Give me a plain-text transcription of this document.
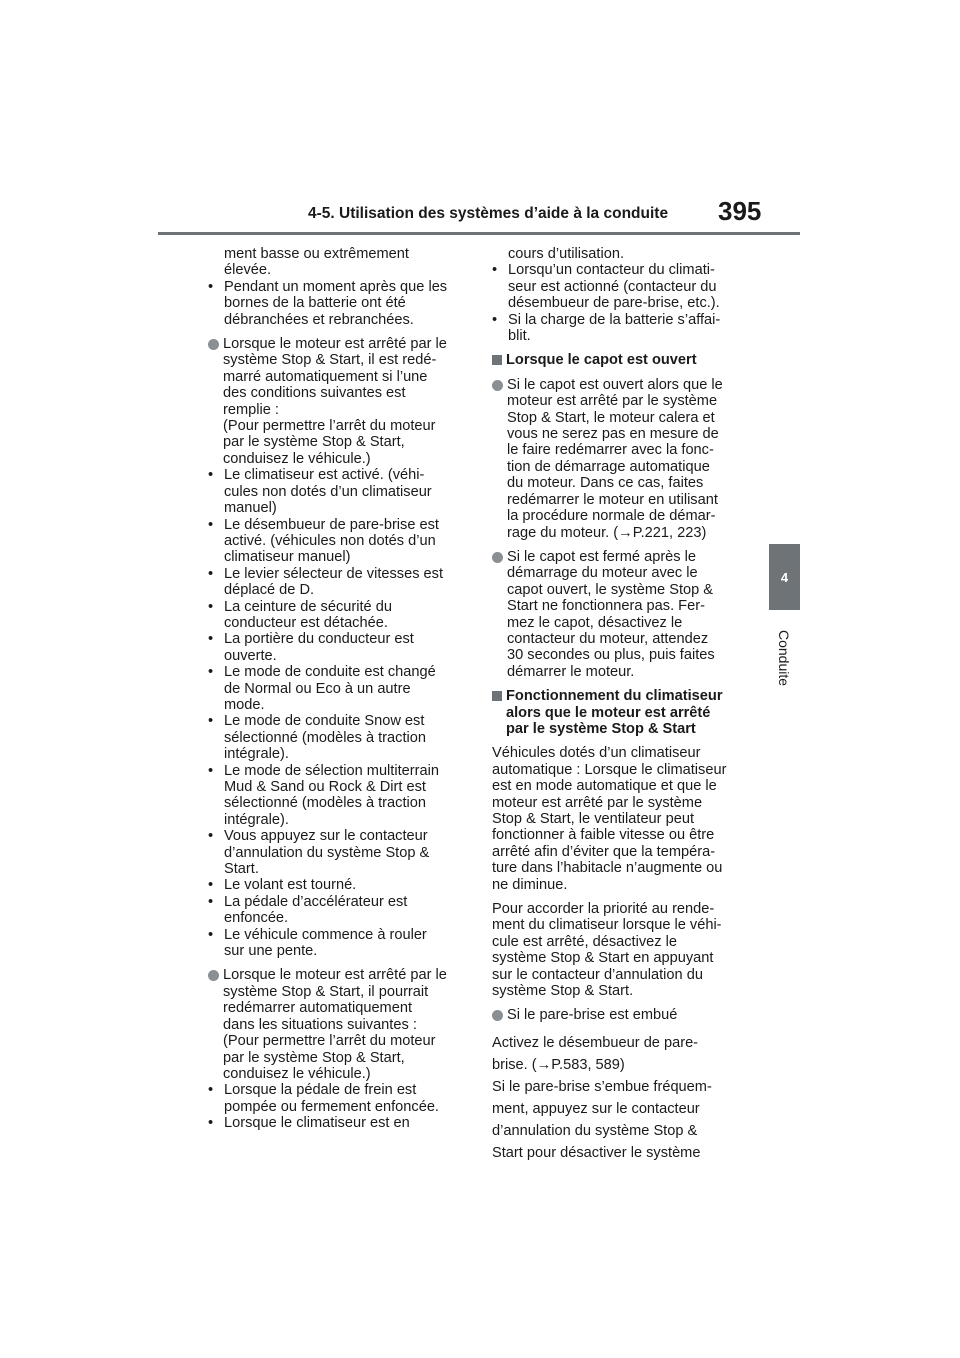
4-5. Utilisation des systèmes d’aide à la conduite 395
4
Conduite
ment basse ou extrêmement
élevée.
• Pendant un moment après que les
bornes de la batterie ont été
débranchées et rebranchées.
Lorsque le moteur est arrêté par le
système Stop & Start, il est redé-
marré automatiquement si l’une
des conditions suivantes est
remplie :
(Pour permettre l’arrêt du moteur
par le système Stop & Start,
conduisez le véhicule.)
• Le climatiseur est activé. (véhi-
cules non dotés d’un climatiseur
manuel)
• Le désembueur de pare-brise est
activé. (véhicules non dotés d’un
climatiseur manuel)
• Le levier sélecteur de vitesses est
déplacé de D.
• La ceinture de sécurité du
conducteur est détachée.
• La portière du conducteur est
ouverte.
• Le mode de conduite est changé
de Normal ou Eco à un autre
mode.
• Le mode de conduite Snow est
sélectionné (modèles à traction
intégrale).
• Le mode de sélection multiterrain
Mud & Sand ou Rock & Dirt est
sélectionné (modèles à traction
intégrale).
• Vous appuyez sur le contacteur
d’annulation du système Stop &
Start.
• Le volant est tourné.
• La pédale d’accélérateur est
enfoncée.
• Le véhicule commence à rouler
sur une pente.
Lorsque le moteur est arrêté par le
système Stop & Start, il pourrait
redémarrer automatiquement
dans les situations suivantes :
(Pour permettre l’arrêt du moteur
par le système Stop & Start,
conduisez le véhicule.)
• Lorsque la pédale de frein est
pompée ou fermement enfoncée.
• Lorsque le climatiseur est en
cours d’utilisation.
• Lorsqu’un contacteur du climati-
seur est actionné (contacteur du
désembueur de pare-brise, etc.).
• Si la charge de la batterie s’affai-
blit.
Lorsque le capot est ouvert
Si le capot est ouvert alors que le
moteur est arrêté par le système
Stop & Start, le moteur calera et
vous ne serez pas en mesure de
le faire redémarrer avec la fonc-
tion de démarrage automatique
du moteur. Dans ce cas, faites
redémarrer le moteur en utilisant
la procédure normale de démar-
rage du moteur. (→P.221, 223)
Si le capot est fermé après le
démarrage du moteur avec le
capot ouvert, le système Stop &
Start ne fonctionnera pas. Fer-
mez le capot, désactivez le
contacteur du moteur, attendez
30 secondes ou plus, puis faites
démarrer le moteur.
Fonctionnement du climatiseur
alors que le moteur est arrêté
par le système Stop & Start
Véhicules dotés d’un climatiseur
automatique : Lorsque le climatiseur
est en mode automatique et que le
moteur est arrêté par le système
Stop & Start, le ventilateur peut
fonctionner à faible vitesse ou être
arrêté afin d’éviter que la tempéra-
ture dans l’habitacle n’augmente ou
ne diminue.
Pour accorder la priorité au rende-
ment du climatiseur lorsque le véhi-
cule est arrêté, désactivez le
système Stop & Start en appuyant
sur le contacteur d’annulation du
système Stop & Start.
Si le pare-brise est embué
Activez le désembueur de pare-
brise. (→P.583, 589)
Si le pare-brise s’embue fréquem-
ment, appuyez sur le contacteur
d’annulation du système Stop &
Start pour désactiver le système
